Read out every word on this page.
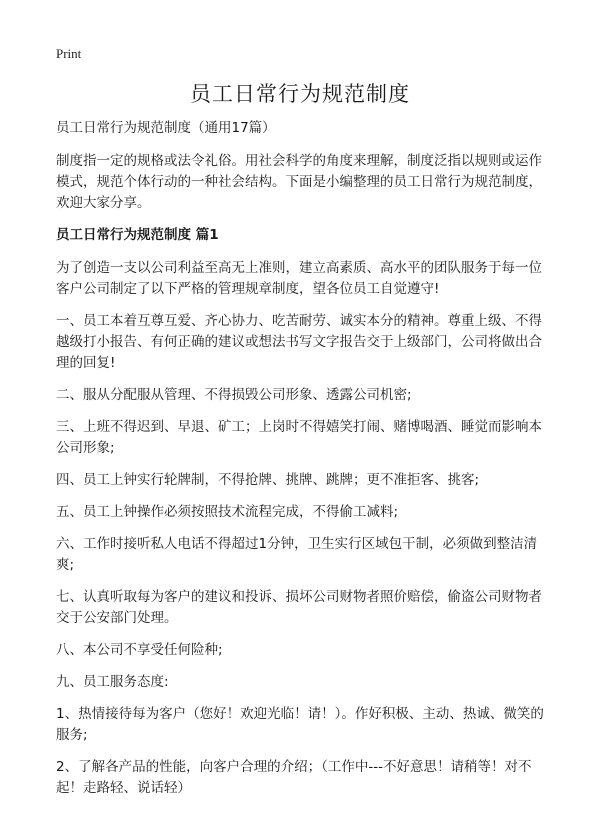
Print
员工日常行为规范制度

员工日常行为规范制度（通用17篇）

制度指一定的规格或法令礼俗。用社会科学的角度来理解，制度泛指以规则或运作模式，规范个体行动的一种社会结构。下面是小编整理的员工日常行为规范制度，欢迎大家分享。

员工日常行为规范制度 篇1

为了创造一支以公司利益至高无上准则，建立高素质、高水平的团队服务于每一位客户公司制定了以下严格的管理规章制度，望各位员工自觉遵守!

一、员工本着互尊互爱、齐心协力、吃苦耐劳、诚实本分的精神。尊重上级、不得越级打小报告、有何正确的建议或想法书写文字报告交于上级部门，公司将做出合理的回复!

二、服从分配服从管理、不得损毁公司形象、透露公司机密;

三、上班不得迟到、早退、矿工；上岗时不得嬉笑打闹、赌博喝酒、睡觉而影响本公司形象;

四、员工上钟实行轮牌制，不得抢牌、挑牌、跳牌；更不准拒客、挑客;

五、员工上钟操作必须按照技术流程完成，不得偷工减料;

六、工作时接听私人电话不得超过1分钟，卫生实行区域包干制，必须做到整洁清爽;

七、认真听取每为客户的建议和投诉、损坏公司财物者照价赔偿，偷盗公司财物者交于公安部门处理。

八、本公司不享受任何险种;

九、员工服务态度:

1、热情接待每为客户（您好！欢迎光临！请！）。作好积极、主动、热诚、微笑的 服务;

2、了解各产品的性能，向客户合理的介绍；（工作中---不好意思！请稍等！对不起！走路轻、说话轻）
